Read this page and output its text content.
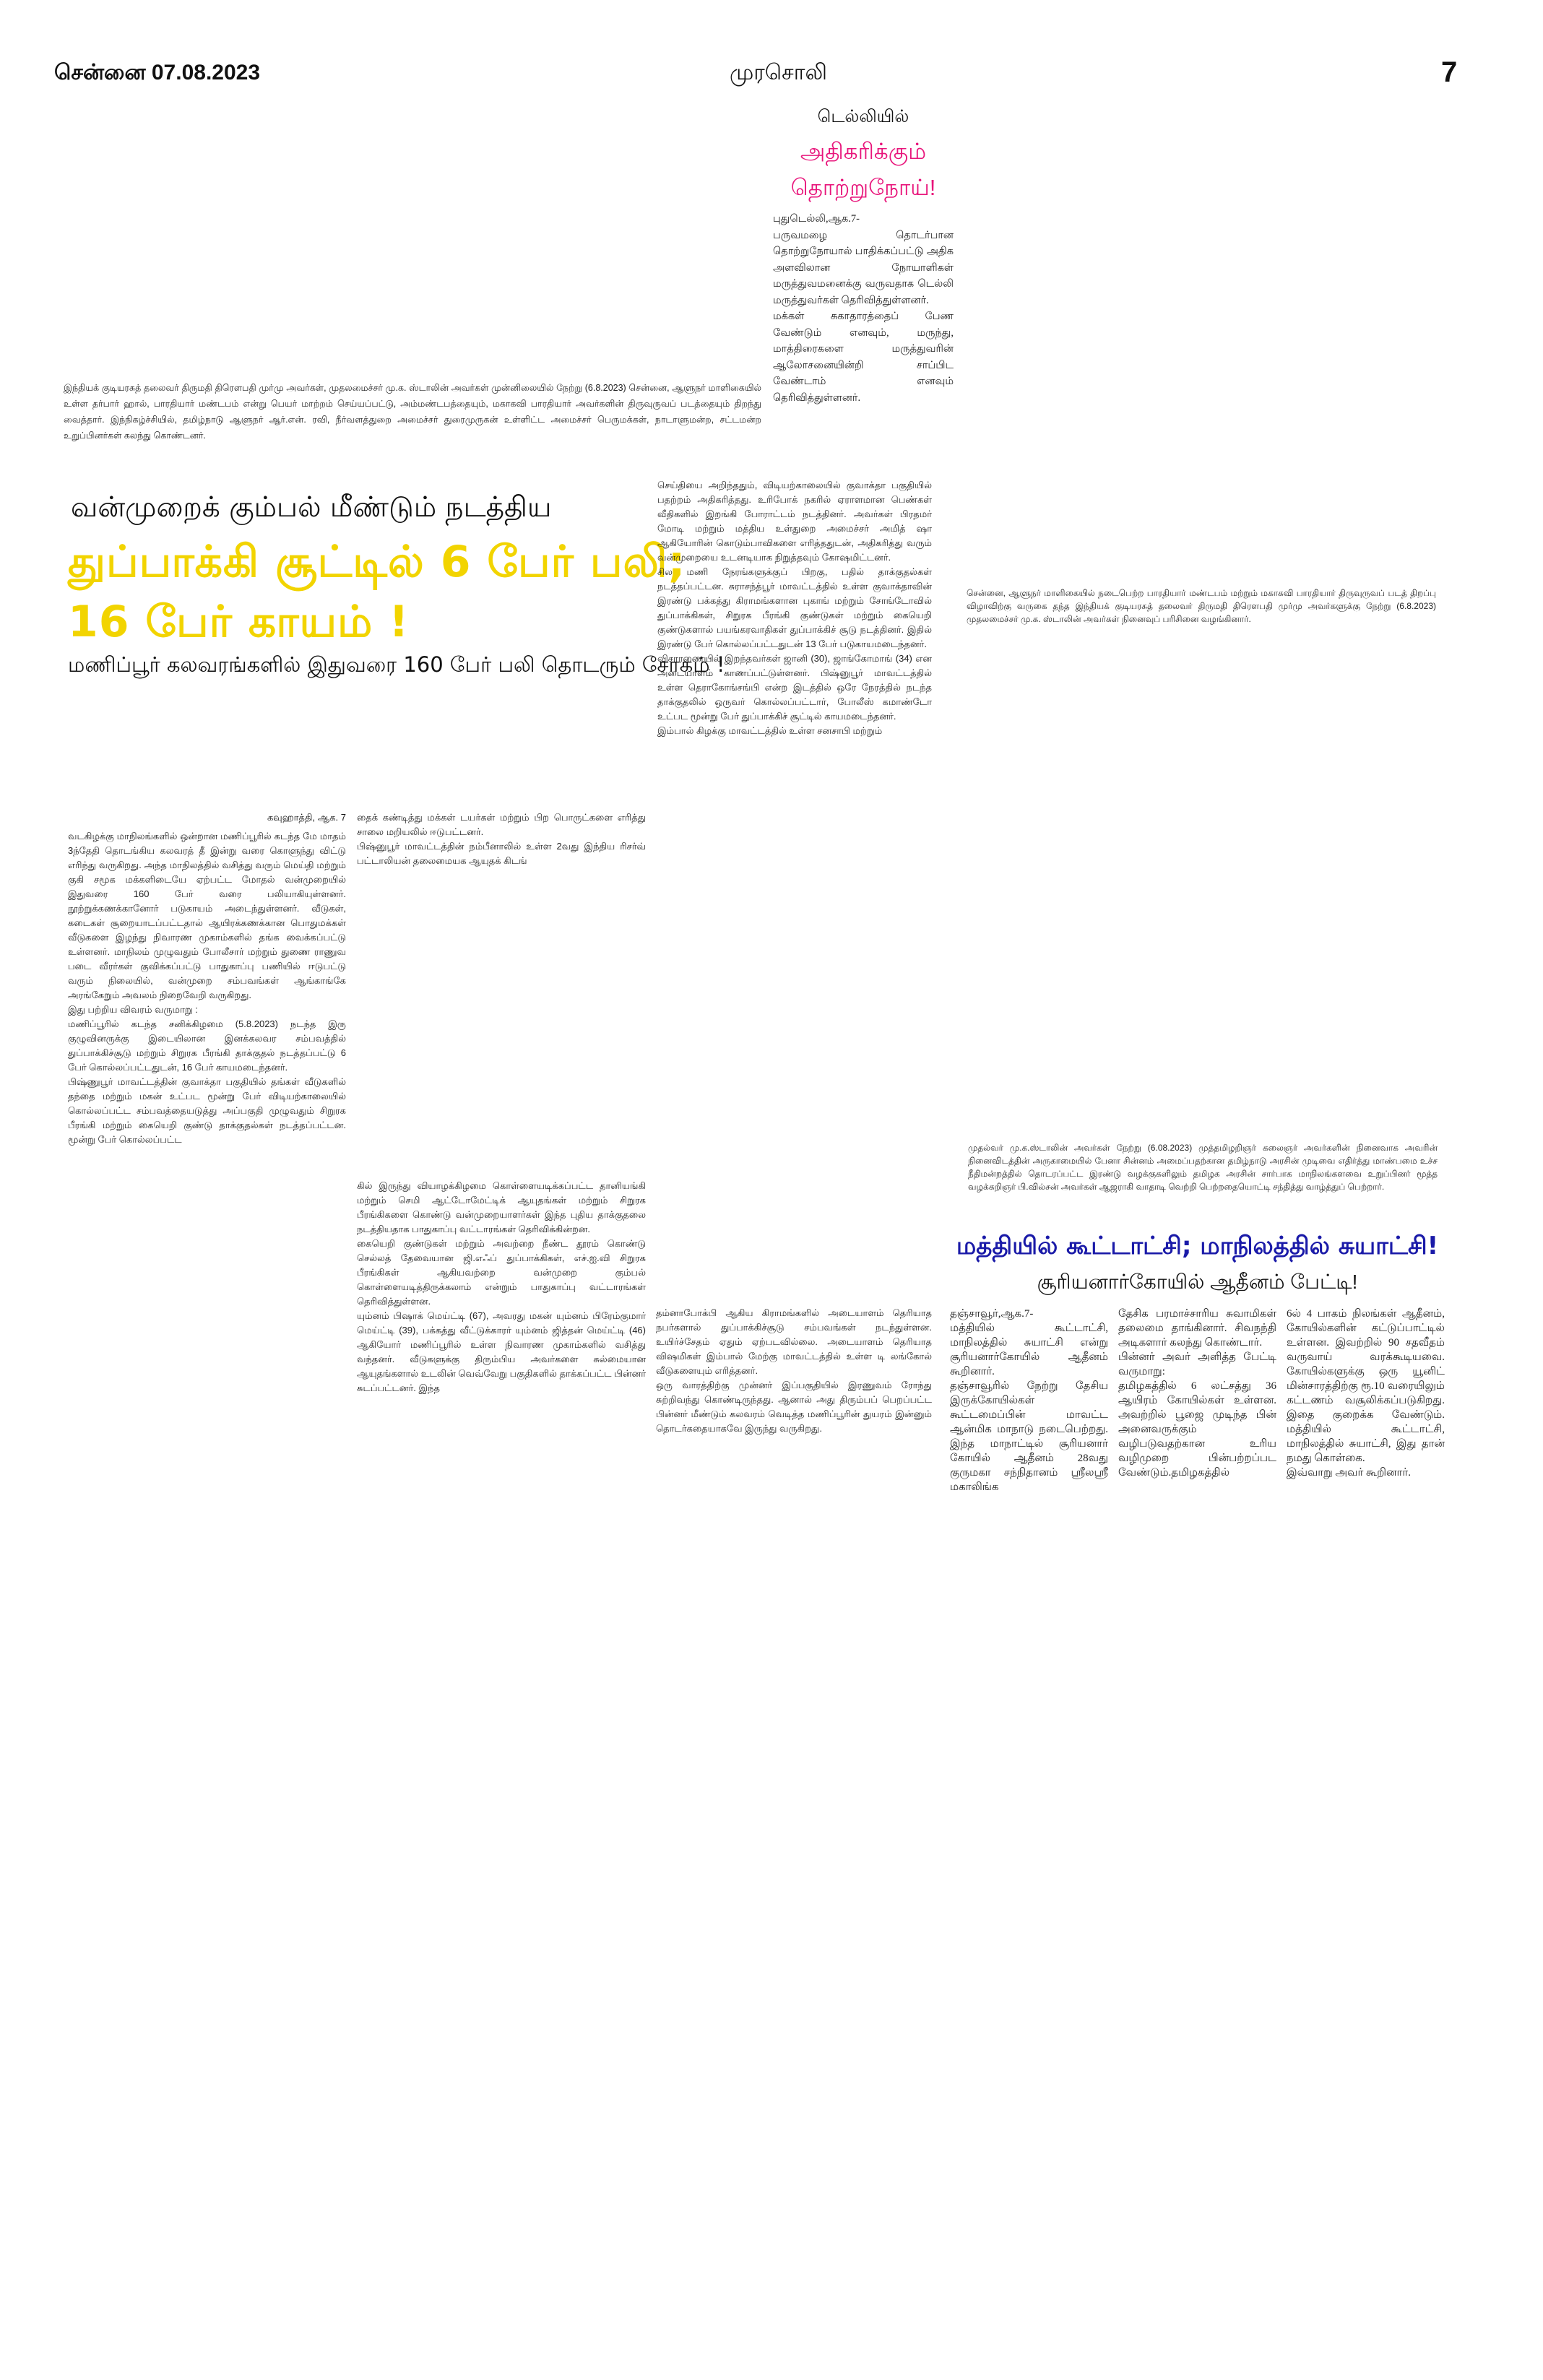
சென்னை 07.08.2023	முரசொலி	7
டெல்லியில்
அதிகரிக்கும்
தொற்றுநோய்!
புதுடெல்லி,ஆக.7-
பருவமழை தொடர்பான தொற்றுநோயால் பாதிக்கப்பட்டு அதிக அளவிலான நோயாளிகள் மருத்துவமனைக்கு வருவதாக டெல்லி மருத்துவர்கள் தெரிவித்துள்ளனர்.
மக்கள் சுகாதாரத்தைப் பேண வேண்டும் எனவும், மருந்து, மாத்திரைகளை மருத்துவரின் ஆலோசனையின்றி சாப்பிட வேண்டாம் எனவும் தெரிவித்துள்ளனர்.
இந்தியக் குடியரசுத் தலைவர் திருமதி திரௌபதி முர்மு அவர்கள், முதலமைச்சர் மு.க. ஸ்டாலின் அவர்கள் முன்னிலையில் நேற்று (6.8.2023) சென்னை, ஆளுநர் மாளிகையில் உள்ள தர்பார் ஹால், பாரதியார் மண்டபம் என்று பெயர் மாற்றம் செய்யப்பட்டு, அம்மண்டபத்தையும், மகாகவி பாரதியார் அவர்களின் திருவுருவப் படத்தையும் திறந்து வைத்தார். இந்நிகழ்ச்சியில், தமிழ்நாடு ஆளுநர் ஆர்.என். ரவி, நீர்வளத்துறை அமைச்சர் துரைமுருகன் உள்ளிட்ட அமைச்சர் பெருமக்கள், நாடாளுமன்ற, சட்டமன்ற உறுப்பினர்கள் கலந்து கொண்டனர்.
வன்முறைக் கும்பல் மீண்டும் நடத்திய
துப்பாக்கி சூட்டில் 6 பேர் பலி;
16 பேர் காயம் !
மணிப்பூர் கலவரங்களில் இதுவரை 160 பேர் பலி தொடரும் சோகம் !
செய்தியை அறிந்ததும், விடியற்காலையில் குவாக்தா பகுதியில் பதற்றம் அதிகரித்தது. உரிபோக் நகரில் ஏராளமான பெண்கள் வீதிகளில் இறங்கி போராட்டம் நடத்தினர். அவர்கள் பிரதமர் மோடி மற்றும் மத்திய உள்துறை அமைச்சர் அமித் ஷா ஆகியோரின் கொடும்பாவிகளை எரித்ததுடன், அதிகரித்து வரும் வன்முறையை உடனடியாக நிறுத்தவும் கோஷமிட்டனர்.
சில மணி நேரங்களுக்குப் பிறகு, பதில் தாக்குதல்கள் நடத்தப்பட்டன. சுராசந்த்பூர் மாவட்டத்தில் உள்ள குவாக்தாவின் இரண்டு பக்கத்து கிராமங்களான புகாங் மற்றும் சோங்டோவில் துப்பாக்கிகள், சிறுரக பீரங்கி குண்டுகள் மற்றும் கையெறி குண்டுகளால் பயங்கரவாதிகள் துப்பாக்கிச் சூடு நடத்தினர். இதில் இரண்டு பேர் கொல்லப்பட்டதுடன் 13 பேர் படுகாயமடைந்தனர்.
விசாரணையில் இறந்தவர்கள் ஜானி (30), ஜாங்கோமாங் (34) என அடையாளம் காணப்பட்டுள்ளனர். பிஷ்னுபூர் மாவட்டத்தில் உள்ள தெராகோங்சங்பி என்ற இடத்தில் ஒரே நேரத்தில் நடந்த தாக்குதலில் ஒருவர் கொல்லப்பட்டார், போலீஸ் கமாண்டோ உட்பட மூன்று பேர் துப்பாக்கிச் சூட்டில் காயமடைந்தனர்.
இம்பால் கிழக்கு மாவட்டத்தில் உள்ள சனசாபி மற்றும்
சென்னை, ஆளுநர் மாளிகையில் நடைபெற்ற பாரதியார் மண்டபம் மற்றும் மகாகவி பாரதியார் திருவுருவப் படத் திறப்பு விழாவிற்கு வருகை தந்த இந்தியக் குடியரசுத் தலைவர் திருமதி திரௌபதி முர்மு அவர்களுக்கு நேற்று (6.8.2023) முதலமைச்சர் மு.க. ஸ்டாலின் அவர்கள் நினைவுப் பரிசினை வழங்கினார்.
கவுஹாத்தி, ஆக. 7
வடகிழக்கு மாநிலங்களில் ஒன்றான மணிப்பூரில் கடந்த மே மாதம் 3ந்தேதி தொடங்கிய கலவரத் தீ இன்று வரை கொளுந்து விட்டு எரிந்து வருகிறது. அந்த மாநிலத்தில் வசித்து வரும் மெய்தி மற்றும் குகி சமூக மக்களிடையே ஏற்பட்ட மோதல் வன்முறையில் இதுவரை 160 பேர் வரை பலியாகியுள்ளனர். நூற்றுக்கணக்கானோர் படுகாயம் அடைந்துள்ளனர். வீடுகள், கடைகள் சூறையாடப்பட்டதால் ஆயிரக்கணக்கான பொதுமக்கள் வீடுகளை இழந்து நிவாரண முகாம்களில் தங்க வைக்கப்பட்டு உள்ளனர். மாநிலம் முழுவதும் போலீசார் மற்றும் துணை ராணுவ படை வீரர்கள் குவிக்கப்பட்டு பாதுகாப்பு பணியில் ஈடுபட்டு வரும் நிலையில், வன்முறை சம்பவங்கள் ஆங்காங்கே அரங்கேறும் அவலம் நிறைவேறி வருகிறது.
இது பற்றிய விவரம் வருமாறு :
மணிப்பூரில் கடந்த சனிக்கிழமை (5.8.2023) நடந்த இரு குழுவினருக்கு இடையிலான இனக்கலவர சம்பவத்தில் துப்பாக்கிச்சூடு மற்றும் சிறுரக பீரங்கி தாக்குதல் நடத்தப்பட்டு 6 பேர் கொல்லப்பட்டதுடன், 16 பேர் காயமடைந்தனர்.
பிஷ்ணுபூர் மாவட்டத்தின் குவாக்தா பகுதியில் தங்கள் வீடுகளில் தந்தை மற்றும் மகன் உட்பட மூன்று பேர் விடியற்காலையில் கொல்லப்பட்ட சம்பவத்தையடுத்து அப்பகுதி முழுவதும் சிறுரக பீரங்கி மற்றும் கையெறி குண்டு தாக்குதல்கள் நடத்தப்பட்டன. மூன்று பேர் கொல்லப்பட்ட
தைக் கண்டித்து மக்கள் டயர்கள் மற்றும் பிற பொருட்களை எரித்து சாலை மறியலில் ஈடுபட்டனர்.
பிஷ்னுபூர் மாவட்டத்தின் நம்பீனாலில் உள்ள 2வது இந்திய ரிசர்வ் பட்டாலியன் தலைமையக ஆயுதக் கிடங்
கில் இருந்து வியாழக்கிழமை கொள்ளையடிக்கப்பட்ட தானியங்கி மற்றும் செமி ஆட்டோமேட்டிக் ஆயுதங்கள் மற்றும் சிறுரக பீரங்கிகளை கொண்டு வன்முறையாளர்கள் இந்த புதிய தாக்குதலை நடத்தியதாக பாதுகாப்பு வட்டாரங்கள் தெரிவிக்கின்றன.
கையெறி குண்டுகள் மற்றும் அவற்றை நீண்ட தூரம் கொண்டு செல்லத் தேவையான ஜி.எஃப் துப்பாக்கிகள், எச்.ஐ.வி சிறுரக பீரங்கிகள் ஆகியவற்றை வன்முறை கும்பல் கொள்ளையடித்திருக்கலாம் என்றும் பாதுகாப்பு வட்டாரங்கள் தெரிவித்துள்ளன.
யும்னம் பிஷாக் மெய்ட்டி (67), அவரது மகன் யும்னம் பிரேம்குமார் மெய்ட்டி (39), பக்கத்து வீட்டுக்காரர் யும்னம் ஜித்தன் மெய்ட்டி (46) ஆகியோர் மணிப்பூரில் உள்ள நிவாரண முகாம்களில் வசித்து வந்தனர். வீடுகளுக்கு திரும்பிய அவர்களை சுல்மையான ஆயுதங்களால் உடலின் வெவ்வேறு பகுதிகளில் தாக்கப்பட்ட பின்னர் சுடப்பட்டனர். இந்த
தம்னாபோக்பி ஆகிய கிராமங்களில் அடையாளம் தெரியாத நபர்களால் துப்பாக்கிச்சூடு சம்பவங்கள் நடந்துள்ளன. உயிர்ச்சேதம் ஏதும் ஏற்படவில்லை. அடையாளம் தெரியாத விஷமிகள் இம்பால் மேற்கு மாவட்டத்தில் உள்ள டி லங்கோல் வீடுகளையும் எரித்தனர்.
ஒரு வாரத்திற்கு முன்னர் இப்பகுதியில் இரணுவம் ரோந்து சுற்றிவந்து கொண்டிருந்தது. ஆனால் அது திரும்பப் பெறப்பட்ட பின்னர் மீண்டும் கலவரம் வெடித்த மணிப்பூரின் துயரம் இன்னும் தொடர்கதையாகவே இருந்து வருகிறது.
முதல்வர் மு.க.ஸ்டாலின் அவர்கள் நேற்று (6.08.2023) முத்தமிழறிஞர் கலைஞர் அவர்களின் நினைவாக அவரின் நினைவிடத்தின் அருகாமையில் பேனா சின்னம் அமைப்பதற்கான தமிழ்நாடு அரசின் முடிவை எதிர்த்து மாண்பமை உச்ச நீதிமன்றத்தில் தொடரப்பட்ட இரண்டு வழக்குகளிலும் தமிழக அரசின் சார்பாக மாநிலங்களவை உறுப்பினர் மூத்த வழக்கறிஞர் பி.வில்சன் அவர்கள் ஆஜராகி வாதாடி வெற்றி பெற்றதையொட்டி சந்தித்து வாழ்த்துப் பெற்றார்.
மத்தியில் கூட்டாட்சி; மாநிலத்தில் சுயாட்சி!
சூரியனார்கோயில் ஆதீனம் பேட்டி!
தஞ்சாவூர்,ஆக.7-
மத்தியில் கூட்டாட்சி, மாநிலத்தில் சுயாட்சி என்று சூரியனார்கோயில் ஆதீனம் கூறினார்.
தஞ்சாவூரில் நேற்று தேசிய இருக்கோயில்கள் கூட்டமைப்பின் மாவட்ட ஆன்மிக மாநாடு நடைபெற்றது. இந்த மாநாட்டில் சூரியனார் கோயில் ஆதீனம் 28வது குருமகா சந்நிதானம் ஸ்ரீலஸ்ரீ மகாலிங்க
தேசிக பரமாச்சாரிய சுவாமிகள் தலைமை தாங்கினார். சிவநந்தி அடிகளார் கலந்து கொண்டார்.
பின்னர் அவர் அளித்த பேட்டி வருமாறு:
தமிழகத்தில் 6 லட்சத்து 36 ஆயிரம் கோயில்கள் உள்ளன. அவற்றில் பூஜை முடிந்த பின் அனைவருக்கும் வழிபடுவதற்கான உரிய வழிமுறை பின்பற்றப்பட வேண்டும்.தமிழகத்தில்
6ல் 4 பாகம் நிலங்கள் ஆதீனம், கோயில்களின் கட்டுப்பாட்டில் உள்ளன. இவற்றில் 90 சதவீதம் வருவாய் வரக்கூடியவை. கோயில்களுக்கு ஒரு யூனிட் மின்சாரத்திற்கு ரூ.10 வரையிலும் கட்டணம் வசூலிக்கப்படுகிறது. இதை குறைக்க வேண்டும். மத்தியில் கூட்டாட்சி, மாநிலத்தில் சுயாட்சி, இது தான் நமது கொள்கை.
இவ்வாறு அவர் கூறினார்.
